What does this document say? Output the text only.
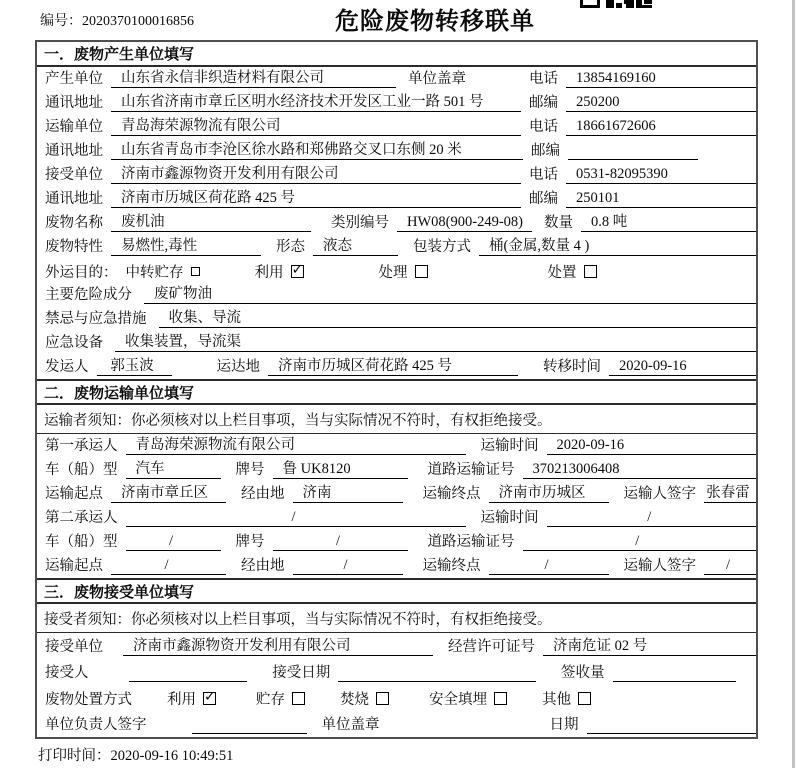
编号：2020370100016856	危险废物转移联单
一．废物产生单位填写
产生单位	山东省永信非织造材料有限公司	单位盖章	电话	13854169160
通讯地址	山东省济南市章丘区明水经济技术开发区工业一路 501 号	邮编	250200
运输单位	青岛海荣源物流有限公司	电话	18661672606
通讯地址	山东省青岛市李沧区徐水路和郑佛路交叉口东侧 20 米	邮编
接受单位	济南市鑫源物资开发利用有限公司	电话	0531-82095390
通讯地址	济南市历城区荷花路 425 号	邮编	250101
废物名称	废机油	类别编号	HW08(900-249-08)	数量	0.8 吨
废物特性	易燃性,毒性	形态	液态	包装方式	桶(金属,数量 4 )
外运目的： 中转贮存	利用 ✓	处理	处置
主要危险成分	废矿物油
禁忌与应急措施	收集、导流
应急设备	收集装置，导流渠
发运人	郭玉波	运达地	济南市历城区荷花路 425 号	转移时间	2020-09-16
二．废物运输单位填写
运输者须知：你必须核对以上栏目事项，当与实际情况不符时，有权拒绝接受。
第一承运人	青岛海荣源物流有限公司	运输时间	2020-09-16
车（船）型	汽车	牌号	鲁 UK8120	道路运输证号	370213006408
运输起点	济南市章丘区	经由地	济南	运输终点	济南市历城区	运输人签字 张春雷
第二承运人	/	运输时间	/
车（船）型	/	牌号	/	道路运输证号	/
运输起点	/	经由地	/	运输终点	/	运输人签字	/
三．废物接受单位填写
接受者须知：你必须核对以上栏目事项，当与实际情况不符时，有权拒绝接受。
接受单位	济南市鑫源物资开发利用有限公司	经营许可证号	济南危证 02 号
接受人	接受日期	签收量
废物处置方式 利用 ✓	贮存	焚烧	安全填埋	其他
单位负责人签字	单位盖章	日期
打印时间：2020-09-16 10:49:51
